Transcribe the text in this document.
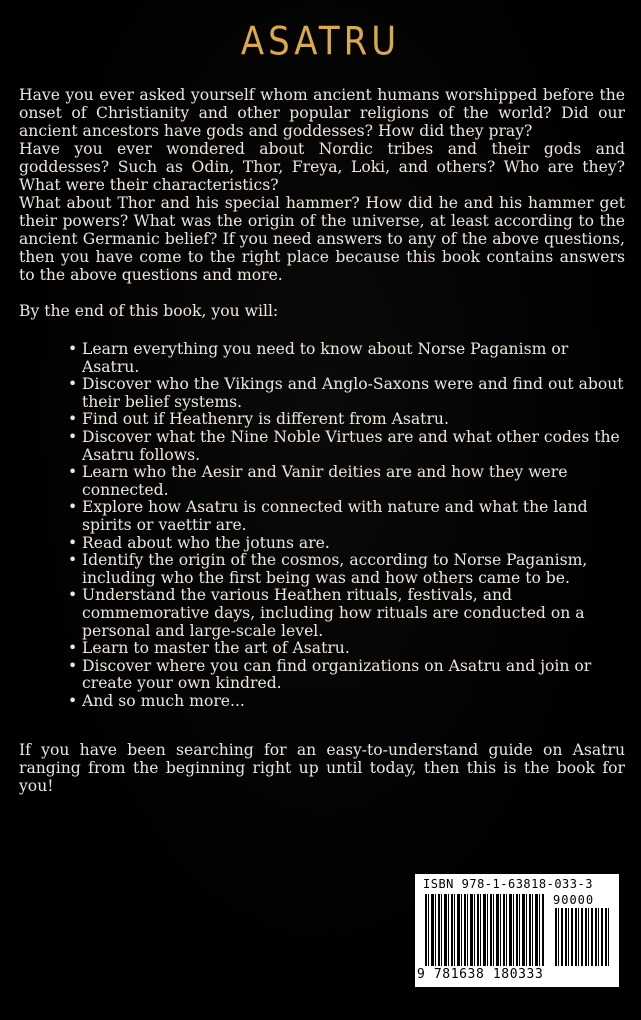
ASATRU

Have you ever asked yourself whom ancient humans worshipped before the onset of Christianity and other popular religions of the world? Did our ancient ancestors have gods and goddesses? How did they pray?

Have you ever wondered about Nordic tribes and their gods and goddesses? Such as Odin, Thor, Freya, Loki, and others? Who are they? What were their characteristics?

What about Thor and his special hammer? How did he and his hammer get their powers? What was the origin of the universe, at least according to the ancient Germanic belief? If you need answers to any of the above questions, then you have come to the right place because this book contains answers to the above questions and more.

By the end of this book, you will:
• Learn everything you need to know about Norse Paganism or Asatru.
• Discover who the Vikings and Anglo-Saxons were and find out about their belief systems.
• Find out if Heathenry is different from Asatru.
• Discover what the Nine Noble Virtues are and what other codes the Asatru follows.
• Learn who the Aesir and Vanir deities are and how they were connected.
• Explore how Asatru is connected with nature and what the land spirits or vaettir are.
• Read about who the jotuns are.
• Identify the origin of the cosmos, according to Norse Paganism, including who the first being was and how others came to be.
• Understand the various Heathen rituals, festivals, and commemorative days, including how rituals are conducted on a personal and large-scale level.
• Learn to master the art of Asatru.
• Discover where you can find organizations on Asatru and join or create your own kindred.
• And so much more...
If you have been searching for an easy-to-understand guide on Asatru ranging from the beginning right up until today, then this is the book for you!
ISBN 978-1-63818-033-3
90000
9 781638 180333
